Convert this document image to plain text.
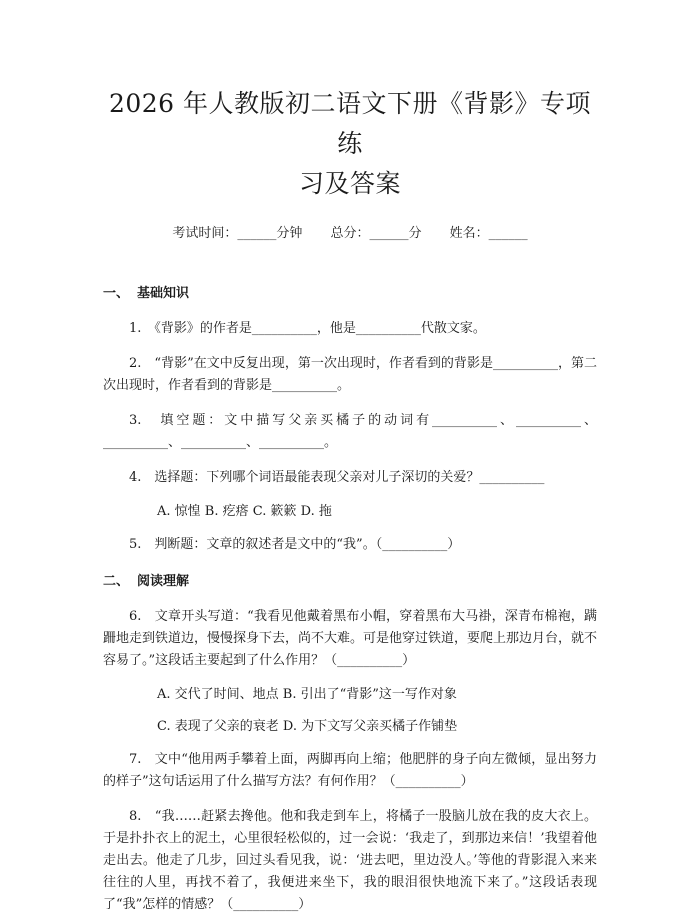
2026 年人教版初二语文下册《背影》专项练
习及答案
考试时间：______分钟 总分：______分 姓名：______
一、 基础知识

1.　《背影》的作者是__________，他是__________代散文家。

2.　“背影”在文中反复出现，第一次出现时，作者看到的背影是__________，第二次出现时，作者看到的背影是__________。

3.　填空题：文中描写父亲买橘子的动词有__________、__________、__________、__________、__________。

4.　选择题：下列哪个词语最能表现父亲对儿子深切的关爱？__________

A. 惊惶 B. 疙瘩 C. 簌簌 D. 拖

5.　判断题：文章的叙述者是文中的“我”。（__________）

二、 阅读理解

6.　文章开头写道：“我看见他戴着黑布小帽，穿着黑布大马褂，深青布棉袍，蹒跚地走到铁道边，慢慢探身下去，尚不大难。可是他穿过铁道，要爬上那边月台，就不容易了。”这段话主要起到了什么作用？（__________）

A. 交代了时间、地点 B. 引出了“背影”这一写作对象
C. 表现了父亲的衰老 D. 为下文写父亲买橘子作铺垫

7.　文中“他用两手攀着上面，两脚再向上缩；他肥胖的身子向左微倾，显出努力的样子”这句话运用了什么描写方法？有何作用？（__________）

8.　“我……赶紧去搀他。他和我走到车上，将橘子一股脑儿放在我的皮大衣上。于是扑扑衣上的泥土，心里很轻松似的，过一会说：‘我走了，到那边来信！’我望着他走出去。他走了几步，回过头看见我，说：‘进去吧，里边没人。’等他的背影混入来来往往的人里，再找不着了，我便进来坐下，我的眼泪很快地流下来了。”这段话表现了“我”怎样的情感？（__________）
